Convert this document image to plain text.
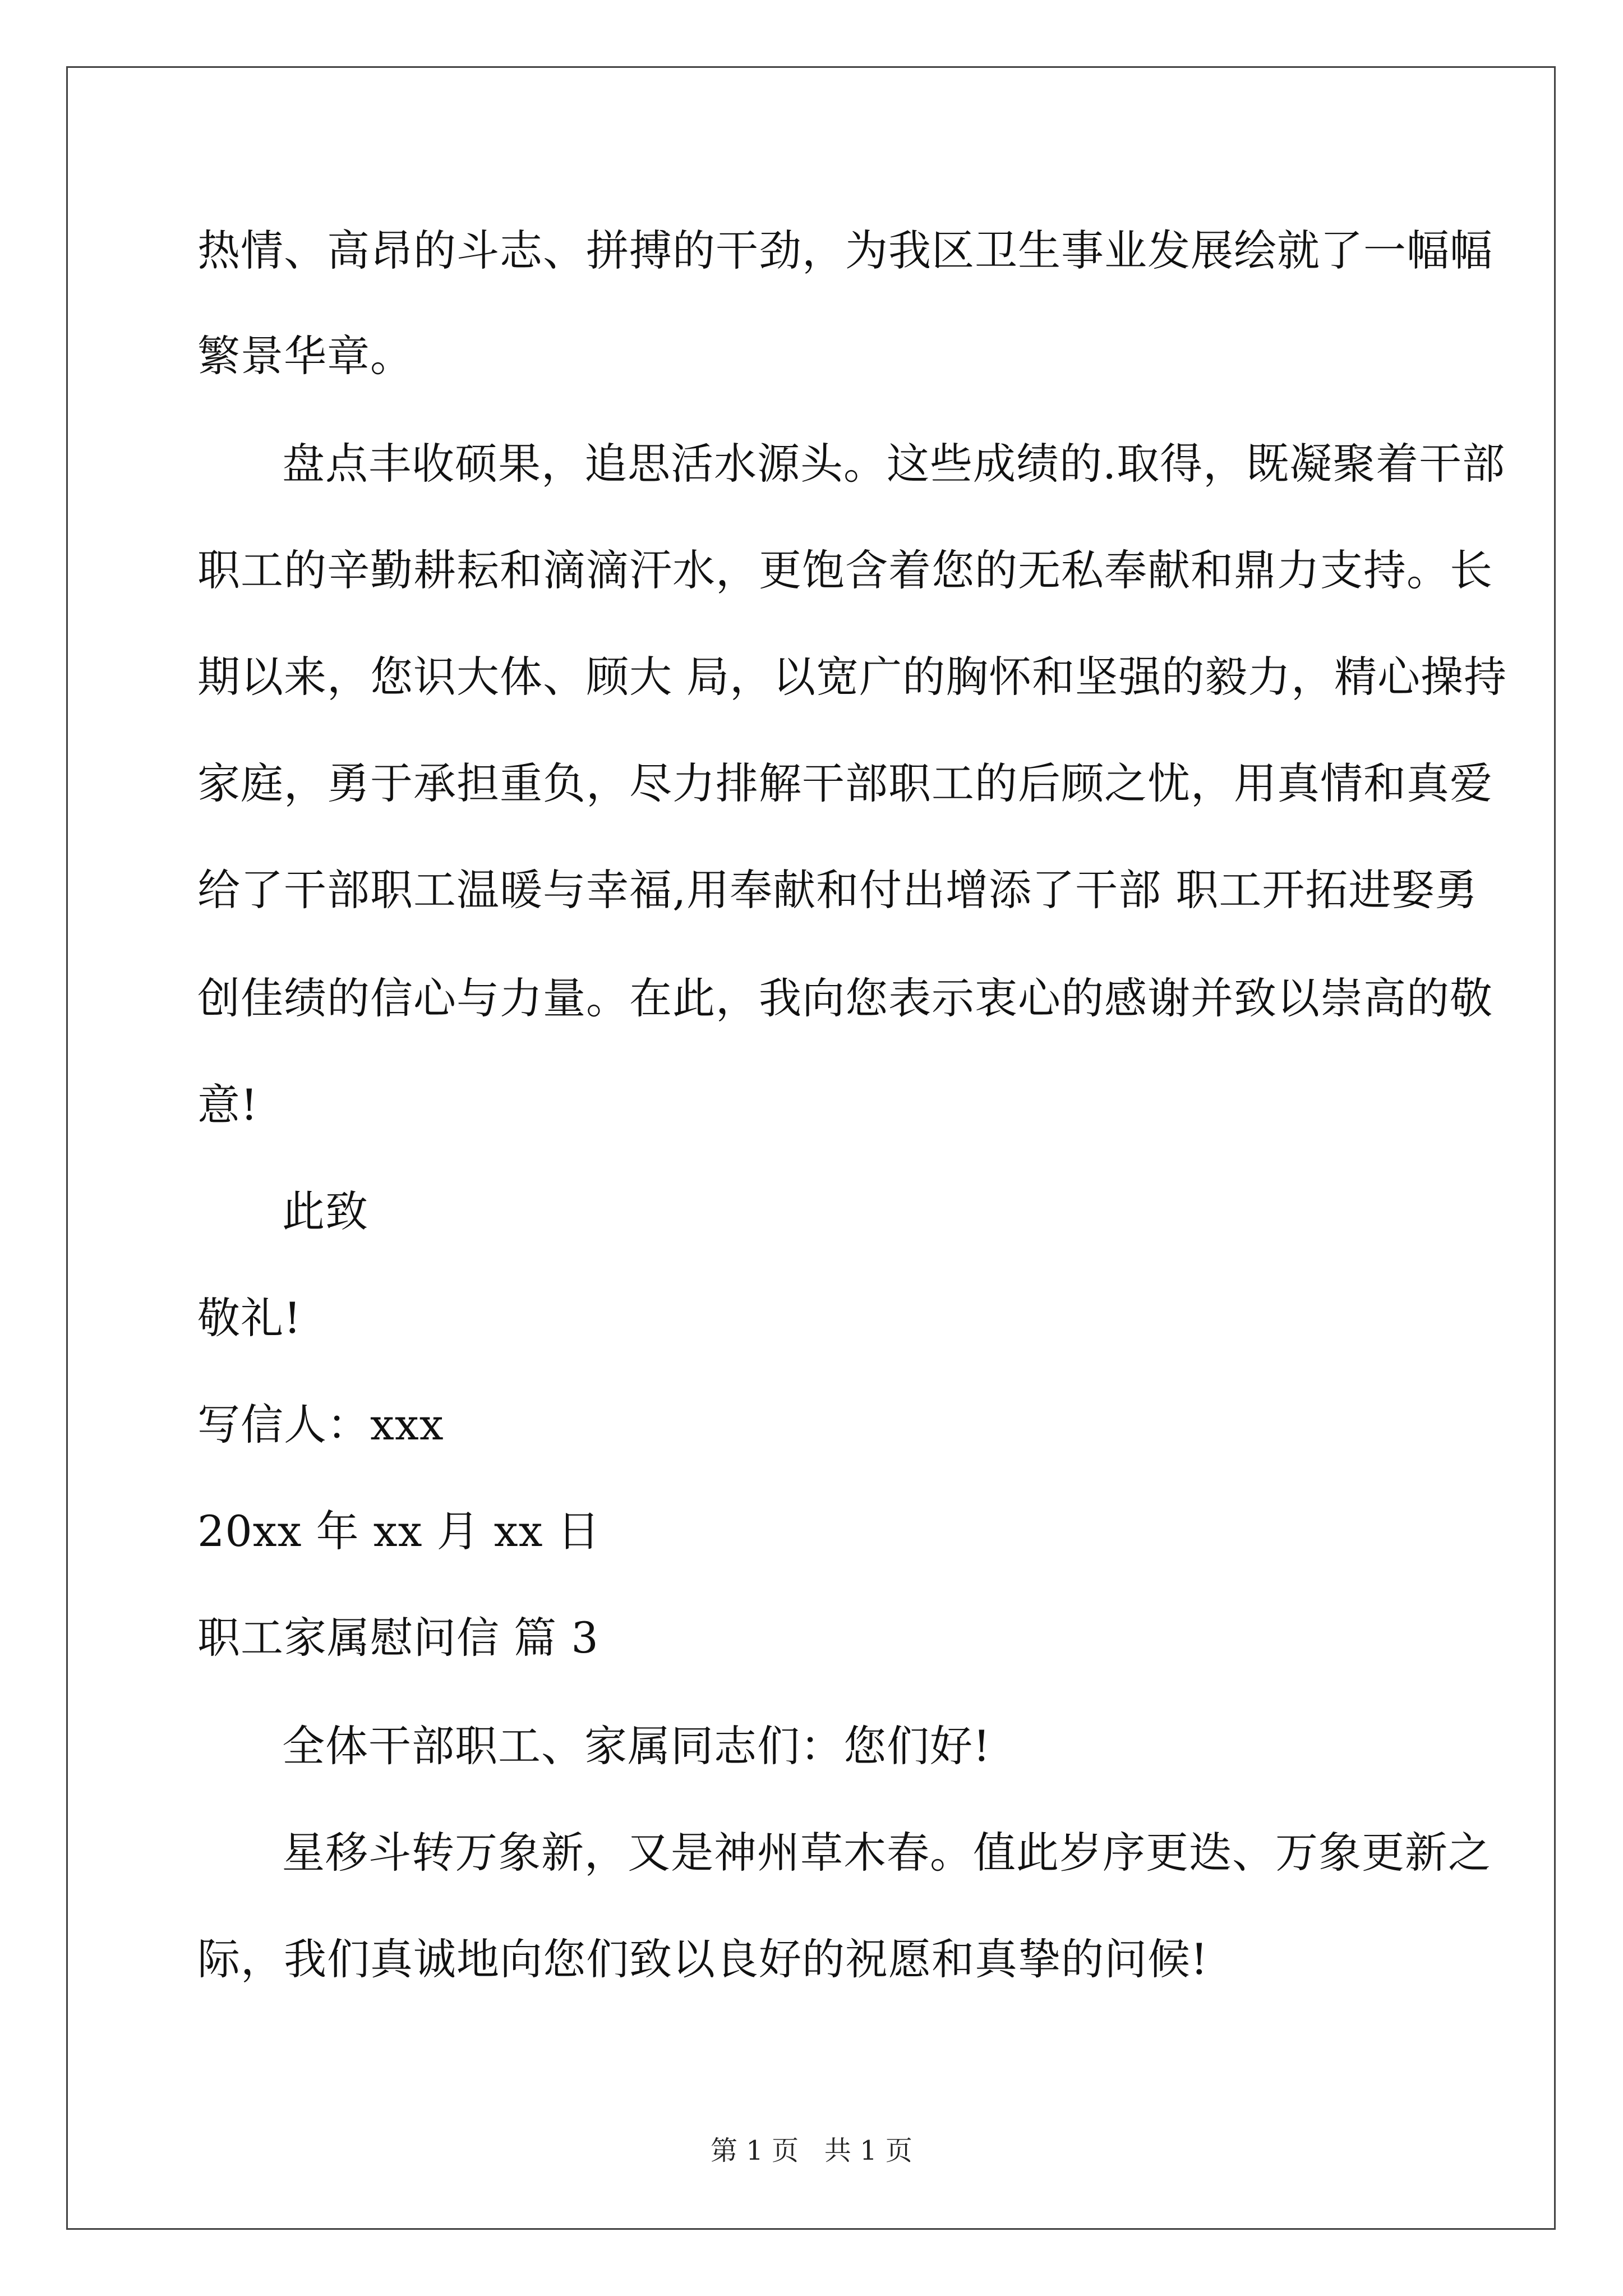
热情、高昂的斗志、拼搏的干劲，为我区卫生事业发展绘就了一幅幅
繁景华章。
盘点丰收硕果，追思活水源头。这些成绩的.取得，既凝聚着干部
职工的辛勤耕耘和滴滴汗水，更饱含着您的无私奉献和鼎力支持。长
期以来，您识大体、顾大 局，以宽广的胸怀和坚强的毅力，精心操持
家庭，勇于承担重负，尽力排解干部职工的后顾之忧，用真情和真爱
给了干部职工温暖与幸福,用奉献和付出增添了干部 职工开拓进娶勇
创佳绩的信心与力量。在此，我向您表示衷心的感谢并致以崇高的敬
意!
此致
敬礼!
写信人：xxx
20xx 年 xx 月 xx 日
职工家属慰问信 篇 3
全体干部职工、家属同志们：您们好!
星移斗转万象新，又是神州草木春。值此岁序更迭、万象更新之
际，我们真诚地向您们致以良好的祝愿和真挚的问候!
第 1 页   共 1 页
